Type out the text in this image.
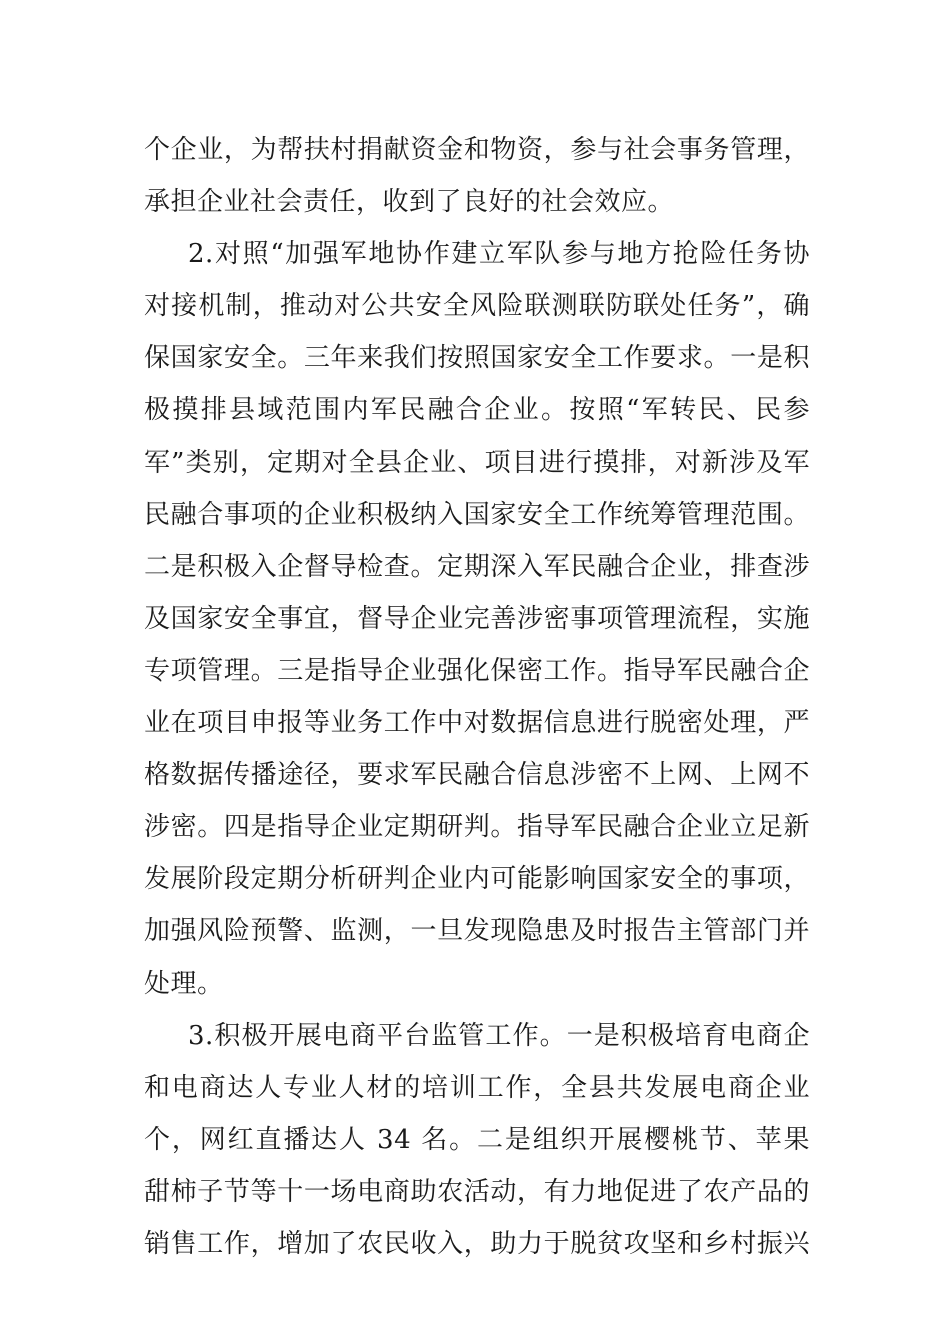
个企业，为帮扶村捐献资金和物资，参与社会事务管理，
承担企业社会责任，收到了良好的社会效应。
2.对照“加强军地协作建立军队参与地方抢险任务协
对接机制，推动对公共安全风险联测联防联处任务”，确
保国家安全。三年来我们按照国家安全工作要求。一是积
极摸排县域范围内军民融合企业。按照“军转民、民参
军”类别，定期对全县企业、项目进行摸排，对新涉及军
民融合事项的企业积极纳入国家安全工作统筹管理范围。
二是积极入企督导检查。定期深入军民融合企业，排查涉
及国家安全事宜，督导企业完善涉密事项管理流程，实施
专项管理。三是指导企业强化保密工作。指导军民融合企
业在项目申报等业务工作中对数据信息进行脱密处理，严
格数据传播途径，要求军民融合信息涉密不上网、上网不
涉密。四是指导企业定期研判。指导军民融合企业立足新
发展阶段定期分析研判企业内可能影响国家安全的事项，
加强风险预警、监测，一旦发现隐患及时报告主管部门并
处理。
3.积极开展电商平台监管工作。一是积极培育电商企
和电商达人专业人材的培训工作，全县共发展电商企业
个，网红直播达人 34 名。二是组织开展樱桃节、苹果
甜柿子节等十一场电商助农活动，有力地促进了农产品的
销售工作，增加了农民收入，助力于脱贫攻坚和乡村振兴
